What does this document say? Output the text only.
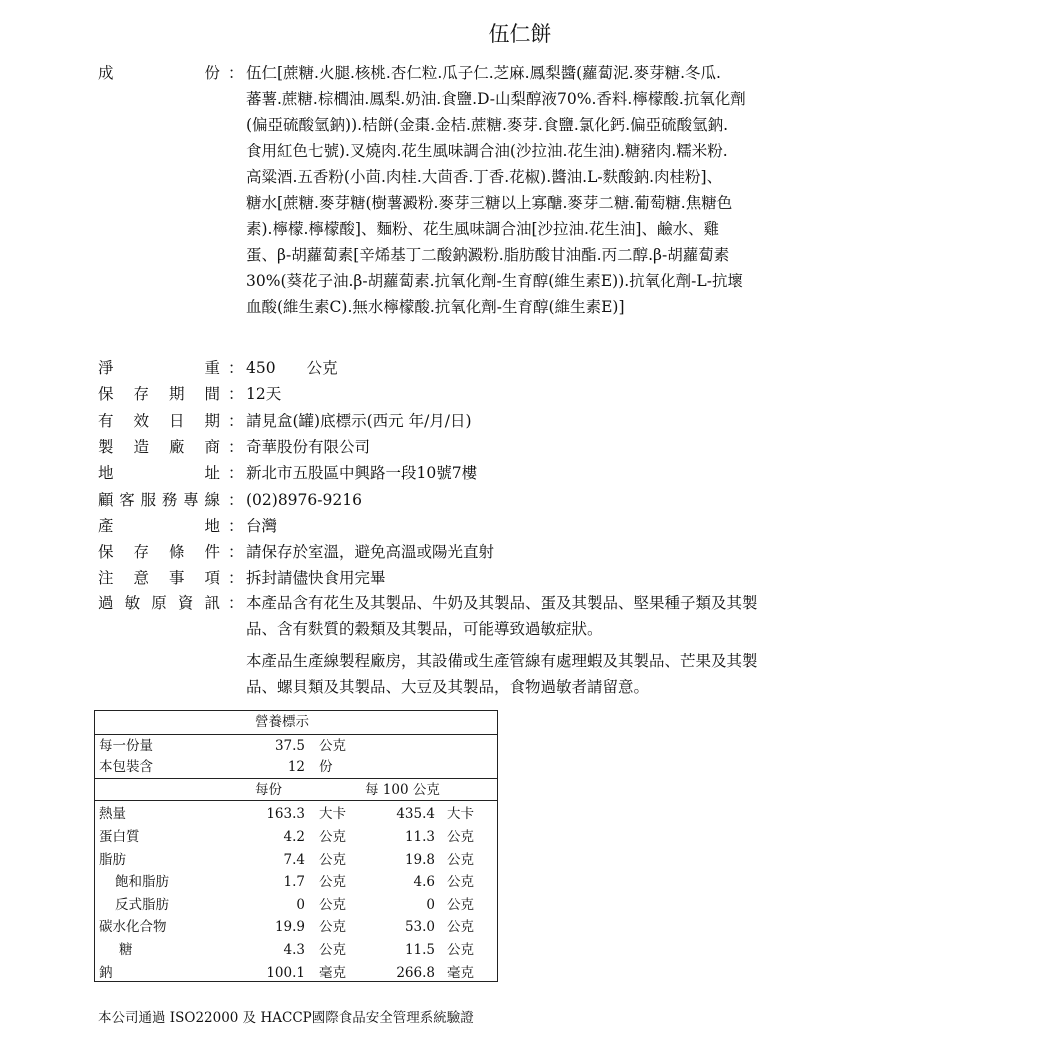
伍仁餅
成	份 ： 伍仁[蔗糖.火腿.核桃.杏仁粒.瓜子仁.芝麻.鳳梨醬(蘿蔔泥.麥芽糖.冬瓜.
蕃薯.蔗糖.棕櫚油.鳳梨.奶油.食鹽.D-山梨醇液70%.香料.檸檬酸.抗氧化劑
(偏亞硫酸氫鈉)).桔餅(金棗.金桔.蔗糖.麥芽.食鹽.氯化鈣.偏亞硫酸氫鈉.
食用紅色七號).叉燒肉.花生風味調合油(沙拉油.花生油).糖豬肉.糯米粉.
高粱酒.五香粉(小茴.肉桂.大茴香.丁香.花椒).醬油.L-麩酸鈉.肉桂粉]、
糖水[蔗糖.麥芽糖(樹薯澱粉.麥芽三糖以上寡醣.麥芽二糖.葡萄糖.焦糖色
素).檸檬.檸檬酸]、麵粉、花生風味調合油[沙拉油.花生油]、鹼水、雞
蛋、β-胡蘿蔔素[辛烯基丁二酸鈉澱粉.脂肪酸甘油酯.丙二醇.β-胡蘿蔔素
30%(葵花子油.β-胡蘿蔔素.抗氧化劑-生育醇(維生素E)).抗氧化劑-L-抗壞
血酸(維生素C).無水檸檬酸.抗氧化劑-生育醇(維生素E)]
淨	重 ： 450　　公克
保 存 期 間 ： 12天
有 效 日 期 ： 請見盒(罐)底標示(西元 年/月/日)
製 造 廠 商 ： 奇華股份有限公司
地	址 ： 新北市五股區中興路一段10號7樓
顧 客 服 務 專 線 ： (02)8976-9216
產	地 ： 台灣
保 存 條 件 ： 請保存於室溫，避免高溫或陽光直射
注 意 事 項 ： 拆封請儘快食用完畢
過 敏 原 資 訊 ： 本產品含有花生及其製品、牛奶及其製品、蛋及其製品、堅果種子類及其製
品、含有麩質的穀類及其製品，可能導致過敏症狀。
本產品生產線製程廠房，其設備或生產管線有處理蝦及其製品、芒果及其製
品、螺貝類及其製品、大豆及其製品，食物過敏者請留意。
營養標示
每一份量	37.5 公克
本包裝含	12 份
每份	每 100 公克
熱量	163.3 大卡	435.4 大卡
蛋白質	4.2 公克	11.3 公克
脂肪	7.4 公克	19.8 公克
飽和脂肪	1.7 公克	4.6 公克
反式脂肪	0 公克	0 公克
碳水化合物	19.9 公克	53.0 公克
糖	4.3 公克	11.5 公克
鈉	100.1 毫克	266.8 毫克
本公司通過 ISO22000 及 HACCP國際食品安全管理系統驗證
